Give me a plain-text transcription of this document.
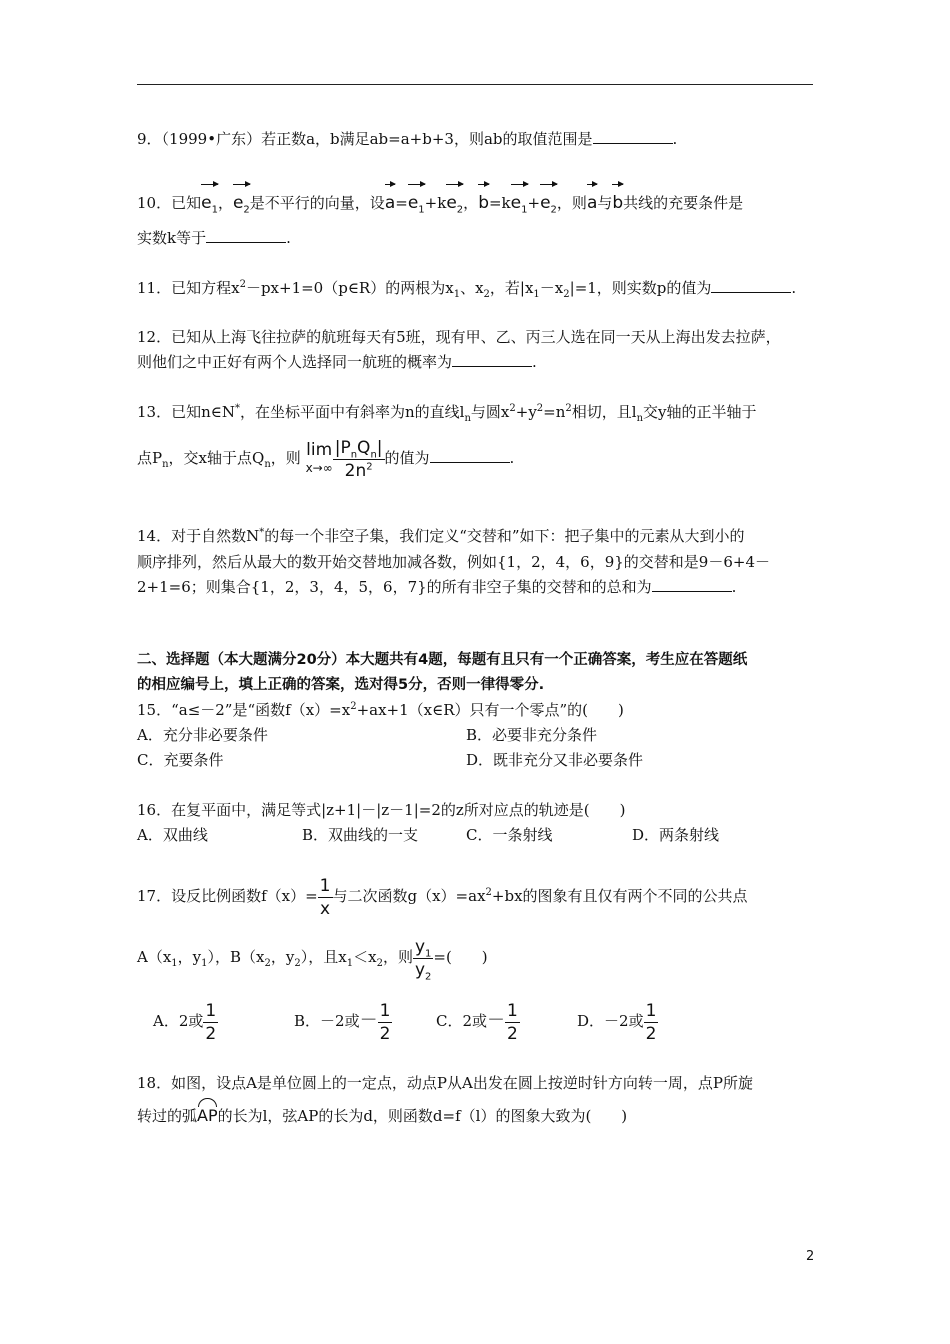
9．（1999•广东）若正数a，b满足ab=a+b+3，则ab的取值范围是	.
10．已知$e_1$，$e_2$是不平行的向量，设$a=e_1+ke_2$，$b=ke_1+e_2$，则a与b共线的充要条件是
实数k等于	.
11．已知方程$x^2-px+1=0(p\in R)$的两根为$x_1$、$x_2$，若$|x_1-x_2|=1$，则实数p的值为	.
12．已知从上海飞往拉萨的航班每天有5班，现有甲、乙、丙三人选在同一天从上海出发去拉萨，
则他们之中正好有两个人选择同一航班的概率为	.
13．已知n∈N*，在坐标平面中有斜率为n的直线$l_n$与圆$x^2+y^2=n^2$相切，且$l_n$交y轴的正半轴于
点$P_n$，交x轴于点$Q_n$，则 lim
$x\to\infty \frac{|P_nQ_n|}{2n^2}$ 的值为	.
14．对于自然数N*的每一个非空子集，我们定义“交替和”如下：把子集中的元素从大到小的
顺序排列，然后从最大的数开始交替地加减各数，例如{1，2，4，6，9}的交替和是9－6+4－
2+1=6；则集合{1，2，3，4，5，6，7}的所有非空子集的交替和的总和为	.
二、选择题（本大题满分20分）本大题共有4题，每题有且只有一个正确答案，考生应在答题纸
的相应编号上，填上正确的答案，选对得5分，否则一律得零分.
15．“a≤－2”是“函数$f(x)=x^2+ax+1(x\in R)$只有一个零点”的(　　)
A．充分非必要条件	B．必要非充分条件
C．充要条件	D．既非充分又非必要条件
16．在复平面中，满足等式|z+1|－|z－1|=2的z所对应点的轨迹是(　　)
A．双曲线	B．双曲线的一支	C．一条射线	D．两条射线
17．设反比例函数$f(x)= \frac{1}{x}$ 与二次函数$g(x)=ax^2+bx$的图象有且仅有两个不同的公共点
$A(x_1$，$y_1$），$B(x_2$，$y_2$），且$x_1<x_2$，则 $\frac{y_1}{y_2}$ =(　　)
A．2或 $\frac{1}{2}$	B．－2或－ $\frac{1}{2}$	C．2或－ $\frac{1}{2}$	D．－2或 $\frac{1}{2}$
18．如图，设点A是单位圆上的一定点，动点P从A出发在圆上按逆时针方向转一周，点P所旋
转过的弧AP的长为l，弦AP的长为d，则函数d=f（l）的图象大致为(　　)
2
